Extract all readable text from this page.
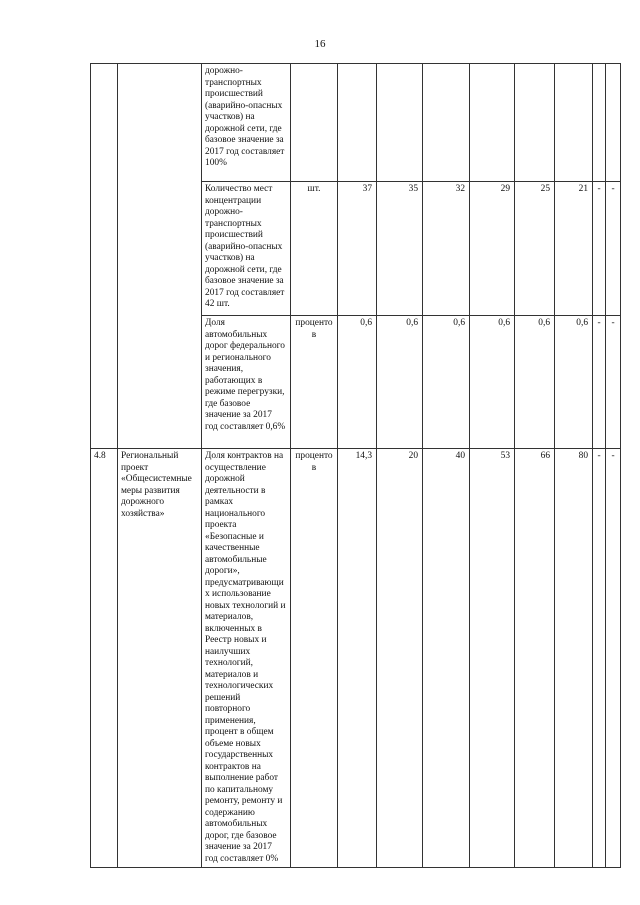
16
		дорожно-транспортных происшествий (аварийно-опасных участков) на дорожной сети, где базовое значение за 2017 год составляет 100%									
		Количество мест концентрации дорожно-транспортных происшествий (аварийно-опасных участков) на дорожной сети, где базовое значение за 2017 год составляет 42 шт.	шт.	37	35	32	29	25	21	-	-
		Доля автомобильных дорог федерального и регионального значения, работающих в режиме перегрузки, где базовое значение за 2017 год составляет 0,6%	процентов	0,6	0,6	0,6	0,6	0,6	0,6	-	-
4.8	Региональный проект «Общесистемные меры развития дорожного хозяйства»	Доля контрактов на осуществление дорожной деятельности в рамках национального проекта «Безопасные и качественные автомобильные дороги», предусматривающих использование новых технологий и материалов, включенных в Реестр новых и наилучших технологий, материалов и технологических решений повторного применения, процент в общем объеме новых государственных контрактов на выполнение работ по капитальному ремонту, ремонту и содержанию автомобильных дорог, где базовое значение за 2017 год составляет 0%	процентов	14,3	20	40	53	66	80	-	-
